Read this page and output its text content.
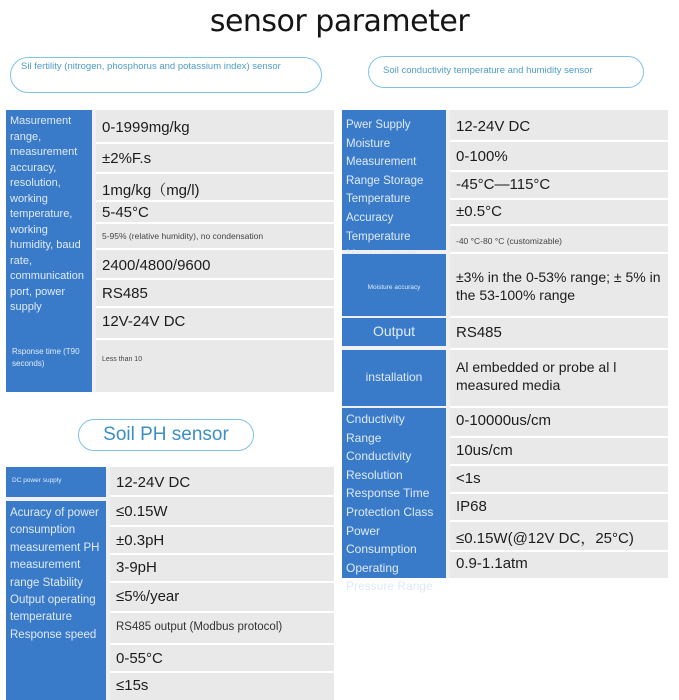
sensor parameter
Sil fertility (nitrogen, phosphorus and potassium index) sensor	Soil conductivity temperature and humidity sensor
Masurement range, measurement accuracy, resolution, working temperature, working humidity, baud rate, communication port, power supply
Rsponse time (T90 seconds)
0-1999mg/kg
±2%F.s
1mg/kg（mg/l)
5-45°C
5-95% (relative humidity), no condensation
2400/4800/9600
RS485
12V-24V DC
Less than 10
Pwer Supply Moisture Measurement Range Storage Temperature Accuracy Temperature
Moisture accuracy
Output
installation
Cnductivity Range Conductivity Resolution Response Time Protection Class Power Consumption Operating Pressure Range
12-24V DC
0-100%
-45°C—115°C
±0.5°C
-40 °C-80 °C (customizable)
±3% in the 0-53% range; ± 5% in the 53-100% range
RS485
Al embedded or probe al l measured media
0-10000us/cm
10us/cm
<1s
IP68
≤0.15W(@12V DC，25°C)
0.9-1.1atm
Soil PH sensor
Acuracy of power consumption measurement PH measurement range Stability Output operating temperature Response speed
DC power supply	12-24V DC
≤0.15W
±0.3pH
3-9pH
≤5%/year
RS485 output (Modbus protocol)
0-55°C
≤15s
